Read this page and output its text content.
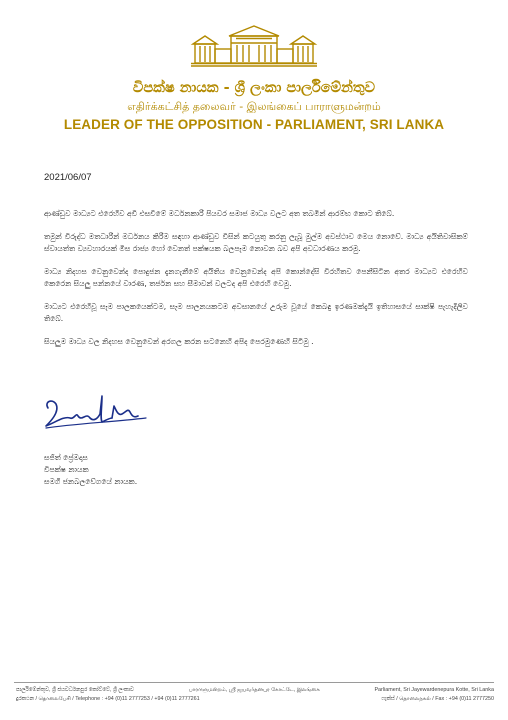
විපක්ෂ නායක - ශ්‍රී ලංකා පාර්ලිමේන්තුව
எதிர்க்கட்சித் தலைவர் - இலங்கைப் பாராளுமன்றம்
LEADER OF THE OPPOSITION - PARLIAMENT, SRI LANKA
2021/06/07

ආණ්ඩුව මාධ්‍යට එරෙහිව අවි එසවීමේ මර්ධනකාරී පියවර සමාජ මාධ්‍ය වලට අත තබමින් ආරම්භ කොට තිබේ.

තමුන් විරුද්ධ මතධාරීන් මර්ධනය කිරීම සඳහා ආණ්ඩුව විසින් කටයුතු කරනු ලැබූ මුල්ම අවස්ථාව මෙය නොවේ. මාධ්‍ය අයිතිවාසිකම් ස්වායත්ත ව්‍යවහාරයක් මිස රාජ්‍ය හෝ වෙනත් පක්ෂයක බලපෑම නොවන බව අපි අවධාරණය කරමු.

මාධ්‍ය නිදහස වෙනුවෙන්ද පොදුජන දැනගැනීමේ අයිතිය වෙනුවෙන්ද අපි කොන්දේසි විරහිතව පෙනීසිටින අතර මාධ්‍යට එරෙහිව කෙරෙන සියලු පන්නයේ වාරණ, තර්ජන සහ සීමාවන් වලටද අපි එරෙහි වෙමු.

මාධ්‍යට එරෙහිවූ සෑම පාලකයෙක්ටම, සෑම පාලනයකටම අවසානයේ උරුම වූයේ කෙබඳු ඉරණමක්දැයි ඉතිහාසයේ සාක්ෂි පැහැදිලිව තිබේ.

සියලුම මාධ්‍ය වල නිදහස වෙනුවෙන් අරගල කරන සටනෙහි අපිද පෙරමුණෙහි සිටිමු .

සජිත් ප්‍රේමදාස
විපක්ෂ නායක
සමගි ජනබලවේගයේ නායක.
පාර්ලිමේන්තුව, ශ්‍රී ජයවර්ධනපුර කෝට්ටේ, ශ්‍රී ලංකාව	பாராளுமன்றம், ஸ்ரீ ஜயவர்தனபுர கோட்டே, இலங்கை	Parliament, Sri Jayewardenepura Kotte, Sri Lanka
දුරකථන / தொலைபேசி / Telephone : +94 (0)11 2777253 / +94 (0)11 2777261	ෆැක්ස් / தொலைநகல் / Fax : +94 (0)11 2777250
